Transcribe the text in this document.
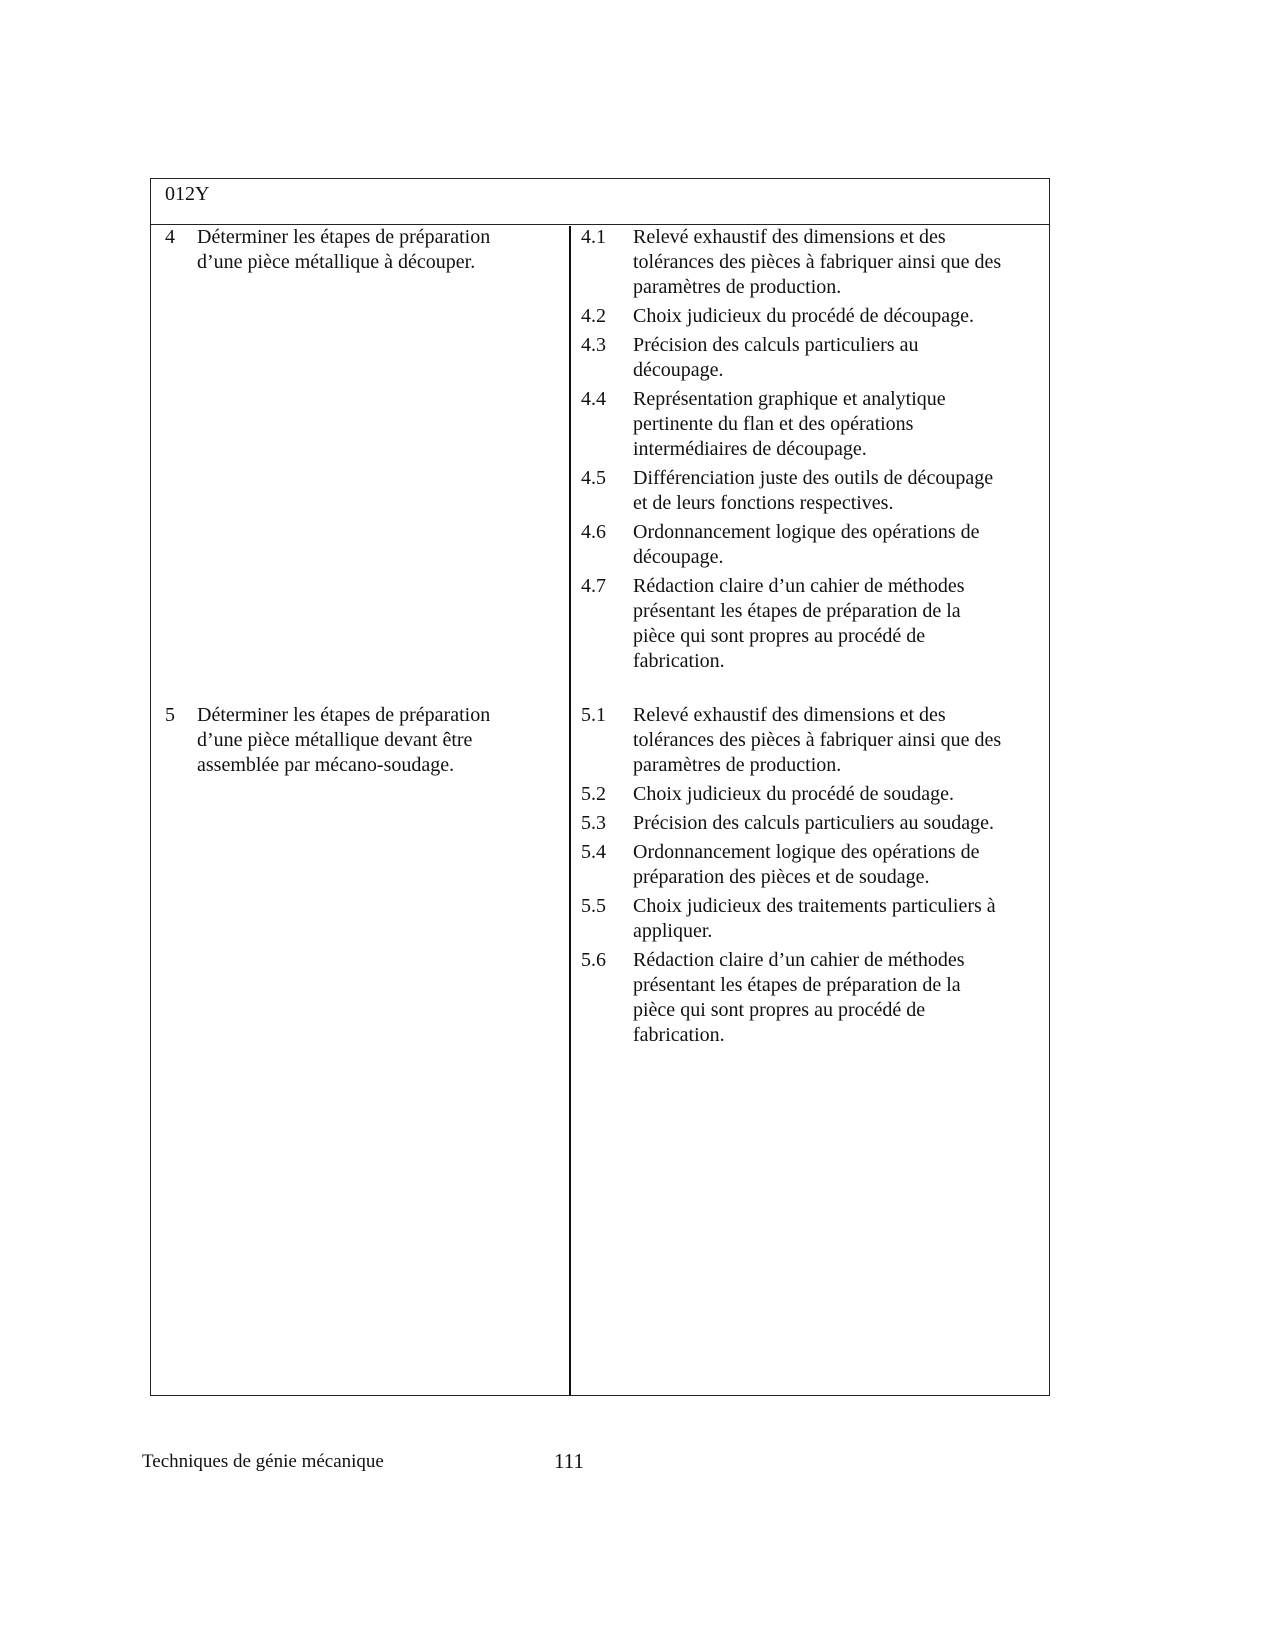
012Y
4 Déterminer les étapes de préparation
d’une pièce métallique à découper.
4.1 Relevé exhaustif des dimensions et des
tolérances des pièces à fabriquer ainsi que des
paramètres de production.
4.2 Choix judicieux du procédé de découpage.
4.3 Précision des calculs particuliers au
découpage.
4.4 Représentation graphique et analytique
pertinente du flan et des opérations
intermédiaires de découpage.
4.5 Différenciation juste des outils de découpage
et de leurs fonctions respectives.
4.6 Ordonnancement logique des opérations de
découpage.
4.7 Rédaction claire d’un cahier de méthodes
présentant les étapes de préparation de la
pièce qui sont propres au procédé de
fabrication.
5 Déterminer les étapes de préparation
d’une pièce métallique devant être
assemblée par mécano-soudage.
5.1 Relevé exhaustif des dimensions et des
tolérances des pièces à fabriquer ainsi que des
paramètres de production.
5.2 Choix judicieux du procédé de soudage.
5.3 Précision des calculs particuliers au soudage.
5.4 Ordonnancement logique des opérations de
préparation des pièces et de soudage.
5.5 Choix judicieux des traitements particuliers à
appliquer.
5.6 Rédaction claire d’un cahier de méthodes
présentant les étapes de préparation de la
pièce qui sont propres au procédé de
fabrication.
Techniques de génie mécanique	111
